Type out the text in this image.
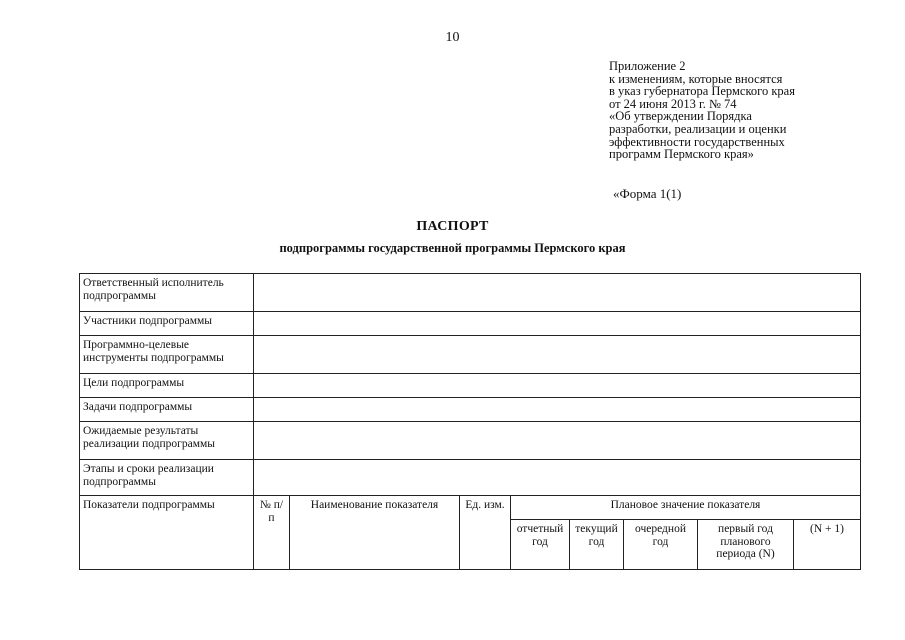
10
Приложение 2
к изменениям, которые вносятся
в указ губернатора Пермского края
от 24 июня 2013 г. № 74
«Об утверждении Порядка
разработки, реализации и оценки
эффективности государственных
программ Пермского края»
«Форма 1(1)
ПАСПОРТ
подпрограммы государственной программы Пермского края
Ответственный исполнитель подпрограммы								
Участники подпрограммы								
Программно-целевые инструменты подпрограммы								
Цели подпрограммы								
Задачи подпрограммы								
Ожидаемые результаты реализации подпрограммы								
Этапы и сроки реализации подпрограммы								
Показатели подпрограммы	№ п/п	Наименование показателя	Ед. изм.	Плановое значение показателя				
				отчетный год	текущий год	очередной год	первый год планового периода (N)	(N + 1)
